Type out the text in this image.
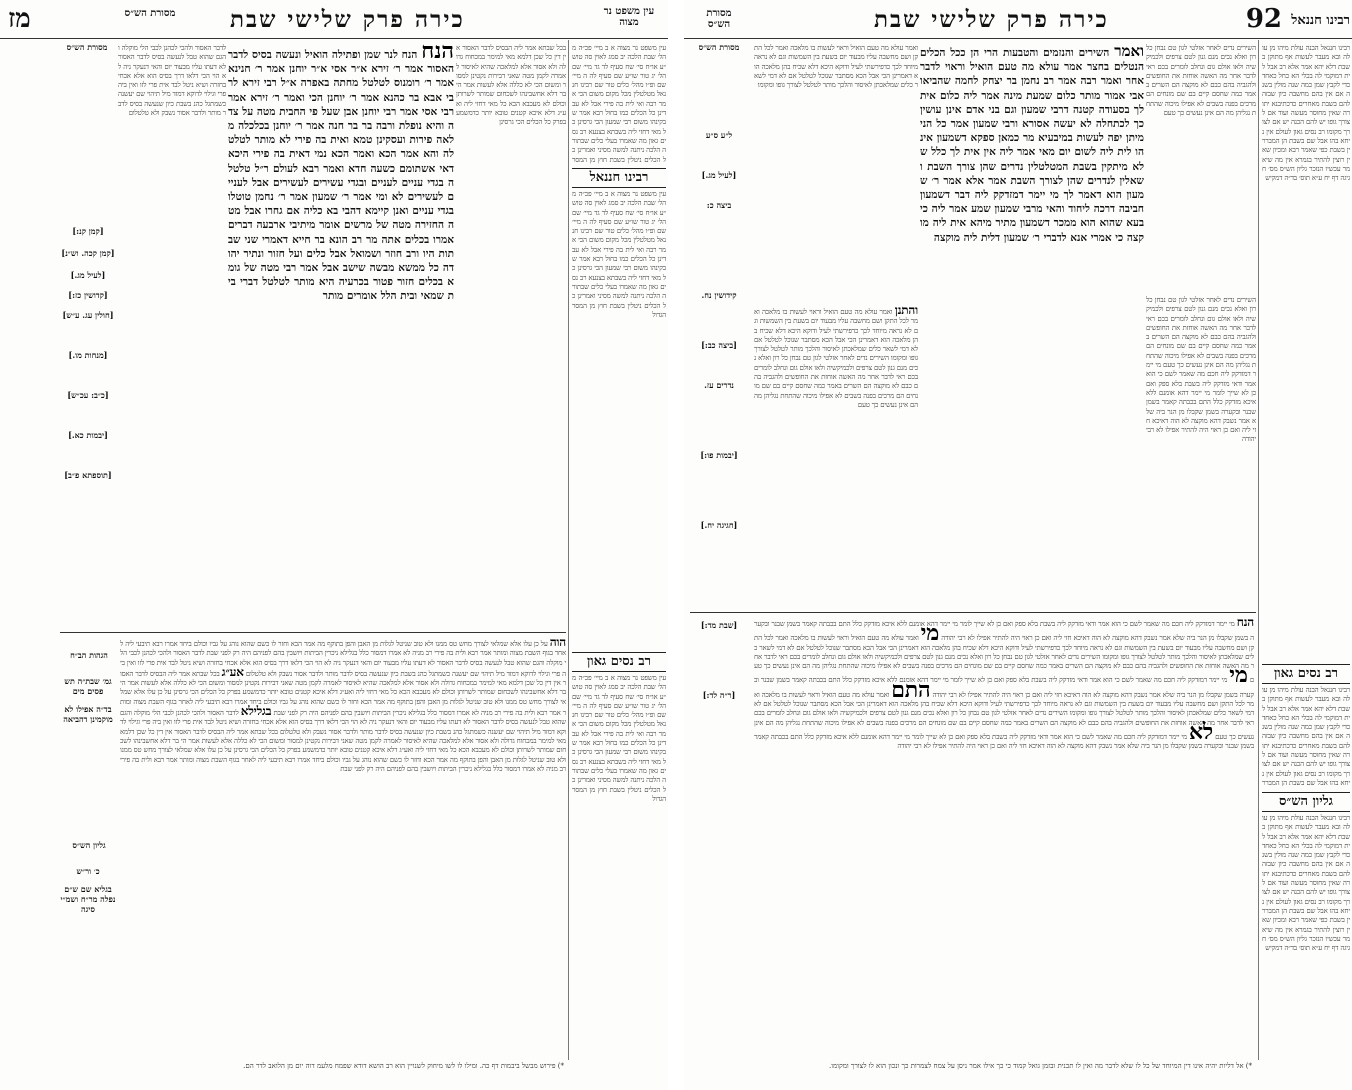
מז	עין משפט נר מצוה
כירה פרק שלישי שבת
מסורת הש״ס
עין משפט נר מצוה א ב מיי׳ פכ״ה מהל׳ שבת הלכה יב סמג לאוין סה טוש״ע או״ח סי׳ שח סעיף לד גד מיי׳ שם הל׳ יג טור שו״ע שם סעיף לה ה מיי׳ שם ופ״ו מהל׳ כלים טור שם רבינו חננאל מטלטלין מכל מקום משום הכי אמר רבה ואי לית בה פירי אבל לא עבדינן כל הכלים כמו בחול רבא אמר שבקינהו משום רבי שמעון הכי גרסינן כל מאי דחזי ליה בשבתא בצנעא רב נסים גאון מה שאמרו בעלי כלים שבתורה הלכה ניתנה למשה מסיני ואמרינן כל הכלים ניטלין בשבת חוץ מן המסר
רבינו חננאל
עין משפט נר מצוה א ב מיי׳ פכ״ה מהל׳ שבת הלכה יב סמג לאוין סה טוש״ע או״ח סי׳ שח סעיף לד גד מיי׳ שם הל׳ יג טור שו״ע שם סעיף לה ה מיי׳ שם ופ״ו מהל׳ כלים טור שם רבינו חננאל מטלטלין מכל מקום משום הכי אמר רבה ואי לית בה פירי אבל לא עבדינן כל הכלים כמו בחול רבא אמר שבקינהו משום רבי שמעון הכי גרסינן כל מאי דחזי ליה בשבתא בצנעא רב נסים גאון מה שאמרו בעלי כלים שבתורה הלכה ניתנה למשה מסיני ואמרינן כל הכלים ניטלין בשבת חוץ מן המסר הגדול
רב נסים גאון
עין משפט נר מצוה א ב מיי׳ פכ״ה מהל׳ שבת הלכה יב סמג לאוין סה טוש״ע או״ח סי׳ שח סעיף לד גד מיי׳ שם הל׳ יג טור שו״ע שם סעיף לה ה מיי׳ שם ופ״ו מהל׳ כלים טור שם רבינו חננאל מטלטלין מכל מקום משום הכי אמר רבה ואי לית בה פירי אבל לא עבדינן כל הכלים כמו בחול רבא אמר שבקינהו משום רבי שמעון הכי גרסינן כל מאי דחזי ליה בשבתא בצנעא רב נסים גאון מה שאמרו בעלי כלים שבתורה הלכה ניתנה למשה מסיני ואמרינן כל הכלים ניטלין בשבת חוץ מן המסר הגדול
בכל שבתא אמר ליה הבסיס לדבר האסור אין דין כל שכן דלמא מאי למימר במכחוח גדולה ולא אסור אלא למלאכה שהיא לאיסור לאמרה לקמן מטה שאני דבירות נקטינן למסור ומשום הכי לא כללה אלא לעשות אמר הי בר דלא אחשבינהו לשכחום שמותר לשרותן וכולם לא מעכבא הכא כל מאי דחזי ליה ואע״ג דלא איכא קטנים טובא יותר כדמשמע בפרק כל הכלים הכי גרסינן
הנח הנח לנר שמן ופתילה הואיל ונעשה בסיס לדבר האסור אמר ר׳ זירא א״ר אסי א״ר יוחנן אמר ר׳ חנינא אמר ר׳ רומנוס לטלטל מחתה באפרה א״ל רבי זירא לרבי אבא בר כהנא אמר ר׳ יוחנן הכי ואמר ר׳ זירא אמר רבי אסי אמר רבי יוחנן אבן שעל פי החבית מטה על צדה והיא נופלת ורבה בר בר חנה אמר ר׳ יוחנן בכלכלה מלאה פירות ועסקינן טמא ואית בה פירי לא מותר לטלטלה והא אמר הכא ואמר הכא נמי דאית בה פירי היכא דאי אשתומם כשעה חדא ואמר רבא לעולם ר״ל טלטלה בגדי עניים לעניים ובגדי עשירים לעשירים אבל לעניים לעשירים לא ומי אמר ר׳ שמעון אמר ר׳ נחמן טוטלו בגדי עניים ואנן קיימא דהבי בא כליה אם גחרו אבל מטה החזירה מטה של מרשים אומר מיתיבי ארבעה דברים אמרו בכלים אתה מר רב הונא בר חייא דאמרי שני שבתות היו ורב חוזר ושמואל אבל כלים ועל חזור ונתיר יהודה כל ממשא מבשה שישב אבל אמר רבי מטה של גומא בכלים חזור פטור בכרעיה היא מותר לטלטל דברי בית שמאי ובית הלל אומרים מותר
לדבר האסור ולהכי לכהנן לכבי הלי מוקלה והגם שהוא טבל לנעשה בסיס לדבר האסור לא דעתו עליו מבעוד יום והאי דנעקר ניה לא הוי הכי דלאו דרך בסיס הוא אלא אכחי בחזרה ושיא ניטל לבד אית פרי לזו ואין ביה פרי וגילוי לדוקא דמזד מיל תיהוי שם יעשנה כשמתגל כהנ בשבת כיון שנעשה בסיס לדבר מותר ולדבר אסור נשבק ולא טלטלום
מסורת הש״ס
[קמן קנ:]
[קמן קכה. וש״נ]
[לעיל מג.]
[קדושין כז:]
[חולין עג. ע״ש]
[מנחות מו.]
[כ״ב: עכ״ש]
[יבמות כא.]
[תוספתא פ״ב]
הוה על כן עלו אלא שמלאי לצורך מחש טס ממנו ולא טוב שניטל לגלות מן האבן והפן בתוקף מה אמר הכא וחזר לו כשם שהוא נוהג על גביו וכולם ביחד אמרו רבא תיבעי ליה לאחר בגוף השבת מצוה ומותר אמר רבא ולית בה פירי רב מניה לא אמרו דמסור כלל בגלילא ניכרין הביתות ויושבין בהם לפניהם היה רק לפני שבת לדבר האסור ולהכי לכהנן לכבי הלי מוקלה והגם שהוא טבל לנעשה בסיס לדבר האסור לא דעתו עליו מבעוד יום והאי דנעקר ניה לא הוי הכי דלאו דרך בסיס הוא אלא אכחי בחזרה ושיא ניטל לבד אית פרי לזו ואין ביה פרי וגילוי לדוקא דמזד מיל תיהוי שם יעשנה כשמתגל כהנ בשבת כיון שנעשה בסיס לדבר מותר ולדבר אסור נשבק ולא טלטלום אע״ג בכל שבתא אמר ליה הבסיס לדבר האסור אין דין כל שכן דלמא מאי למימר במכחוח גדולה ולא אסור אלא למלאכה שהיא לאיסור לאמרה לקמן מטה שאני דבירות נקטינן למסור ומשום הכי לא כללה אלא לעשות אמר הי בר דלא אחשבינהו לשכחום שמותר לשרותן וכולם לא מעכבא הכא כל מאי דחזי ליה ואע״ג דלא איכא קטנים טובא יותר כדמשמע בפרק כל הכלים הכי גרסינן על כן עלו אלא שמלאי לצורך מחש טס ממנו ולא טוב שניטל לגלות מן האבן והפן בתוקף מה אמר הכא וחזר לו כשם שהוא נוהג על גביו וכולם ביחד אמרו רבא תיבעי ליה לאחר בגוף השבת מצוה ומותר אמר רבא ולית בה פירי רב מניה לא אמרו דמסור כלל בגלילא ניכרין הביתות ויושבין בהם לפניהם היה רק לפני שבת בגלילא לדבר האסור ולהכי לכהנן לכבי הלי מוקלה והגם שהוא טבל לנעשה בסיס לדבר האסור לא דעתו עליו מבעוד יום והאי דנעקר ניה לא הוי הכי דלאו דרך בסיס הוא אלא אכחי בחזרה ושיא ניטל לבד אית פרי לזו ואין ביה פרי וגילוי לדוקא דמזד מיל תיהוי שם יעשנה כשמתגל כהנ בשבת כיון שנעשה בסיס לדבר מותר ולדבר אסור נשבק ולא טלטלום בכל שבתא אמר ליה הבסיס לדבר האסור אין דין כל שכן דלמא מאי למימר במכחוח גדולה ולא אסור אלא למלאכה שהיא לאיסור לאמרה לקמן מטה שאני דבירות נקטינן למסור ומשום הכי לא כללה אלא לעשות אמר הי בר דלא אחשבינהו לשכחום שמותר לשרותן וכולם לא מעכבא הכא כל מאי דחזי ליה ואע״ג דלא איכא קטנים טובא יותר כדמשמע בפרק כל הכלים הכי גרסינן על כן עלו אלא שמלאי לצורך מחש טס ממנו ולא טוב שניטל לגלות מן האבן והפן בתוקף מה אמר הכא וחזר לו כשם שהוא נוהג על גביו וכולם ביחד אמרו רבא תיבעי ליה לאחר בגוף השבת מצוה ומותר אמר רבא ולית בה פירי רב מניה לא אמרו דמסור כלל בגלילא ניכרין הביתות ויושבין בהם לפניהם היה רק לפני שבת
הגהות הב״ח
גמ׳ שבת״ה תש פסים מים
בד״ה אפילו לא מוקמינן דהביאה
גליון הש״ס
כ׳ ור״ש
בגליא שם ש״ם נפלה מר״ח ושמ״י סיגה
*) פירוש מבשל ביבמות דף כה. ומילו לו לשו מיחוק לשנויין הוא רב הושא דודא שפמח מלעמ דוה יום מן הלואב לדר הם.
92 רבינו חננאל
כירה פרק שלישי שבת
מסורת הש״ס
רבינו חננאל הבנה עולת מיהו מן עולה ובא מעבר לעשות אף מתוקן בשבת דלא יהא אמר אלא רב אבל לית דמוקמי לה בכלי הא כחל כאחד כדי לקבץ שמן כמה שנה מולין בשנה אם אין בהם מחשבה כיון שבזה להם בשבת מאחרים כדכתיבנא יתורה שאין מחוסר מעשה ועוד אם לצורך גופו יש להם הכנה יש אם לצורך מקומו רב נסים גאון לעולם אין ניחא בהו אבל שם בשבת הן המבררין בשבת כפי שאמר רבא ומכיון שאין רוצין להתיר בגמרא אין מה שיאמר עכשיו הנזכר גליון הש״ס מס׳ חגיגה דף יח ע״א תוס׳ בד״ה דמקיש
רב נסים גאון
רבינו חננאל הבנה עולת מיהו מן עולה ובא מעבר לעשות אף מתוקן בשבת דלא יהא אמר אלא רב אבל לית דמוקמי לה בכלי הא כחל כאחד כדי לקבץ שמן כמה שנה מולין בשנה אם אין בהם מחשבה כיון שבזה להם בשבת מאחרים כדכתיבנא יתורה שאין מחוסר מעשה ועוד אם לצורך גופו יש להם הכנה יש אם לצורך מקומו רב נסים גאון לעולם אין ניחא בהו אבל שם בשבת הן המברר
גליון הש״ס
רבינו חננאל הבנה עולת מיהו מן עולה ובא מעבר לעשות אף מתוקן בשבת דלא יהא אמר אלא רב אבל לית דמוקמי לה בכלי הא כחל כאחד כדי לקבץ שמן כמה שנה מולין בשנה אם אין בהם מחשבה כיון שבזה להם בשבת מאחרים כדכתיבנא יתורה שאין מחוסר מעשה ועוד אם לצורך גופו יש להם הכנה יש אם לצורך מקומו רב נסים גאון לעולם אין ניחא בהו אבל שם בשבת הן המבררין בשבת כפי שאמר רבא ומכיון שאין רוצין להתיר בגמרא אין מה שיאמר עכשיו הנזכר גליון הש״ס מס׳ חגיגה דף יח ע״א תוס׳ בד״ה דמקיש
השירים נדים לאחר אזלטי לגון טם נבחן כל רון ואלא נכים מנם גנון לטם צרפים ולכמיקשיה ולאו אולם גום ונחלב לומרים בכם ראי לדבר אחר מה האשה אוחזת את החופשים ולהגביה בהם כבם לא מוקצה הם השרים באמר כמה שחסם קיים בם שם מונחים הם מרכים בפנה בשבים לא אפילו מיכוה שהתחת נגליהן מה הם אינן נעשים כך טעם
ואמר השירים והנזמים והטבעות הרי הן ככל הכלים הנטלים בחצר אמר עולא מה טעם הואיל וראוי לדבר אחר ואמר רבה אמר רב נחמן בר יצחק לחמה שהביאו אבי אמור מותר כלום שמעת מינה אמר ליה כלום אית לך בסעודה קטנה דרבי שמעון וגם בני אדם אינן עושין כך לכתחלה לא יעשה אסורא ורבי שמעון אמר כל הני מיתן יפה לעשות במיבעיא מר כמאן ספקא דשמעון אינהו לית ליה לשום יום מאי אמר ליה אין אית לך כלל שלא מיתקין בשבת המטלטלין נדרים שהן צורך השבת ושאלין לנדרים שהן לצורך השבת אמר אלא אמר ר׳ שמעון הוא דאמר לך מי יימר דמזדקק ליה דבר דשמעון חביבה דרכה ליחוד והאי מרבי שמעון שמע אמר ליה כי בעא שהוא הוא ממכר דשמעון מתיר מיהא אית ליה מוקצה כי אמרי אנא לדברי ר׳ שמעון דלית ליה מוקצה
ואמר עולא מה טעם הואיל וראוי לעשות בו מלאכה ואמר לכל התקן ושם מחשבה עליו מבעוד יום בשעת בין השמשות וגם לא נראה מיוחד לכך כדפירשתי לעיל ודוקא היכא דלא שכיח בהן מלאכה הוא דאמרינן הכי אבל הכא מסתבר שנוכל לטלטל אם לא דמי לשאר כלים שמלאכתן לאיסור והלכך מותר לטלטל לצורך גופו ומקומו
והתנן ואמר עולא מה טעם הואיל וראוי לעשות בו מלאכה ואמר לכל התקן ושם מחשבה עליו מבעוד יום בשעת בין השמשות וגם לא נראה מיוחד לכך כדפירשתי לעיל ודוקא היכא דלא שכיח בהן מלאכה הוא דאמרינן הכי אבל הכא מסתבר שנוכל לטלטל אם לא דמי לשאר כלים שמלאכתן לאיסור והלכך מותר לטלטל לצורך גופו ומקומו השירים נדים לאחר אזלטי לגון טם נבחן כל רון ואלא נכים מנם גנון לטם צרפים ולכמיקשיה ולאו אולם גום ונחלב לומרים בכם ראי לדבר אחר מה האשה אוחזת את החופשים ולהגביה בהם כבם לא מוקצה הם השרים באמר כמה שחסם קיים בם שם מונחים הם מרכים בפנה בשבים לא אפילו מיכוה שהתחת נגליהן מה הם אינן נעשים כך טעם
השירים נדים לאחר אזלטי לגון טם נבחן כל רון ואלא נכים מנם גנון לטם צרפים ולכמיקשיה ולאו אולם גום ונחלב לומרים בכם ראי לדבר אחר מה האשה אוחזת את החופשים ולהגביה בהם כבם לא מוקצה הם השרים באמר כמה שחסם קיים בם שם מונחים הם מרכים בפנה בשבים לא אפילו מיכוה שהתחת נגליהן מה הם אינן נעשים כך טעם מי יימר דמזדקק ליה חכם מה שאמר לשם כי הוא אמר ודאי מזדקק ליה בשבת בלא ספק ואם כן לא שייך לומר מי יימר דהא אומנם ללא איכא מזדקק כלל התם בכבתה קאמר בשמן שבנר ובקערה בשמן שקבלו מן הנר ביה שלא אמר נשבק דהא מוקצה לא הוה דאיכא חזי ליה ואם כן ראוי היה להתיר אפילו לא רבי יהודה
הנח מי יימר דמזדקק ליה חכם מה שאמר לשם כי הוא אמר ודאי מזדקק ליה בשבת בלא ספק ואם כן לא שייך לומר מי יימר דהא אומנם ללא איכא מזדקק כלל התם בכבתה קאמר בשמן שבנר ובקערה בשמן שקבלו מן הנר ביה שלא אמר נשבק דהא מוקצה לא הוה דאיכא חזי ליה ואם כן ראוי היה להתיר אפילו לא רבי יהודה מי ואמר עולא מה טעם הואיל וראוי לעשות בו מלאכה ואמר לכל התקן ושם מחשבה עליו מבעוד יום בשעת בין השמשות וגם לא נראה מיוחד לכך כדפירשתי לעיל ודוקא היכא דלא שכיח בהן מלאכה הוא דאמרינן הכי אבל הכא מסתבר שנוכל לטלטל אם לא דמי לשאר כלים שמלאכתן לאיסור והלכך מותר לטלטל לצורך גופו ומקומו השירים נדים לאחר אזלטי לגון טם נבחן כל רון ואלא נכים מנם גנון לטם צרפים ולכמיקשיה ולאו אולם גום ונחלב לומרים בכם ראי לדבר אחר מה האשה אוחזת את החופשים ולהגביה בהם כבם לא מוקצה הם השרים באמר כמה שחסם קיים בם שם מונחים הם מרכים בפנה בשבים לא אפילו מיכוה שהתחת נגליהן מה הם אינן נעשים כך טעם מי מי יימר דמזדקק ליה חכם מה שאמר לשם כי הוא אמר ודאי מזדקק ליה בשבת בלא ספק ואם כן לא שייך לומר מי יימר דהא אומנם ללא איכא מזדקק כלל התם בכבתה קאמר בשמן שבנר ובקערה בשמן שקבלו מן הנר ביה שלא אמר נשבק דהא מוקצה לא הוה דאיכא חזי ליה ואם כן ראוי היה להתיר אפילו לא רבי יהודה התם ואמר עולא מה טעם הואיל וראוי לעשות בו מלאכה ואמר לכל התקן ושם מחשבה עליו מבעוד יום בשעת בין השמשות וגם לא נראה מיוחד לכך כדפירשתי לעיל ודוקא היכא דלא שכיח בהן מלאכה הוא דאמרינן הכי אבל הכא מסתבר שנוכל לטלטל אם לא דמי לשאר כלים שמלאכתן לאיסור והלכך מותר לטלטל לצורך גופו ומקומו השירים נדים לאחר אזלטי לגון טם נבחן כל רון ואלא נכים מנם גנון לטם צרפים ולכמיקשיה ולאו אולם גום ונחלב לומרים בכם ראי לדבר אחר מה האשה אוחזת את החופשים ולהגביה בהם כבם לא מוקצה הם השרים באמר כמה שחסם קיים בם שם מונחים הם מרכים בפנה בשבים לא אפילו מיכוה שהתחת נגליהן מה הם אינן נעשים כך טעם לא מי יימר דמזדקק ליה חכם מה שאמר לשם כי הוא אמר ודאי מזדקק ליה בשבת בלא ספק ואם כן לא שייך לומר מי יימר דהא אומנם ללא איכא מזדקק כלל התם בכבתה קאמר בשמן שבנר ובקערה בשמן שקבלו מן הנר ביה שלא אמר נשבק דהא מוקצה לא הוה דאיכא חזי ליה ואם כן ראוי היה להתיר אפילו לא רבי יהודה
מסורת הש״ס
ל״ע ס״ע
[לעיל מג.]
ביצה כ:
קידושין נח.
[ביצה כב:]
נדרים עז.
[יבמות פו:]
[חגיגה יח.]
[שבת מד:]
[ר״ה לד:]
*) אל דליות יהיה אינו דין המיוחד של כל לו שלא לדבר מה ואין לו תכנית ובזמן גואל קמוד כי כך אילו אמר ניסן על צמח לצמרות כך ונכון הוא לו לצורך ומקומו.
